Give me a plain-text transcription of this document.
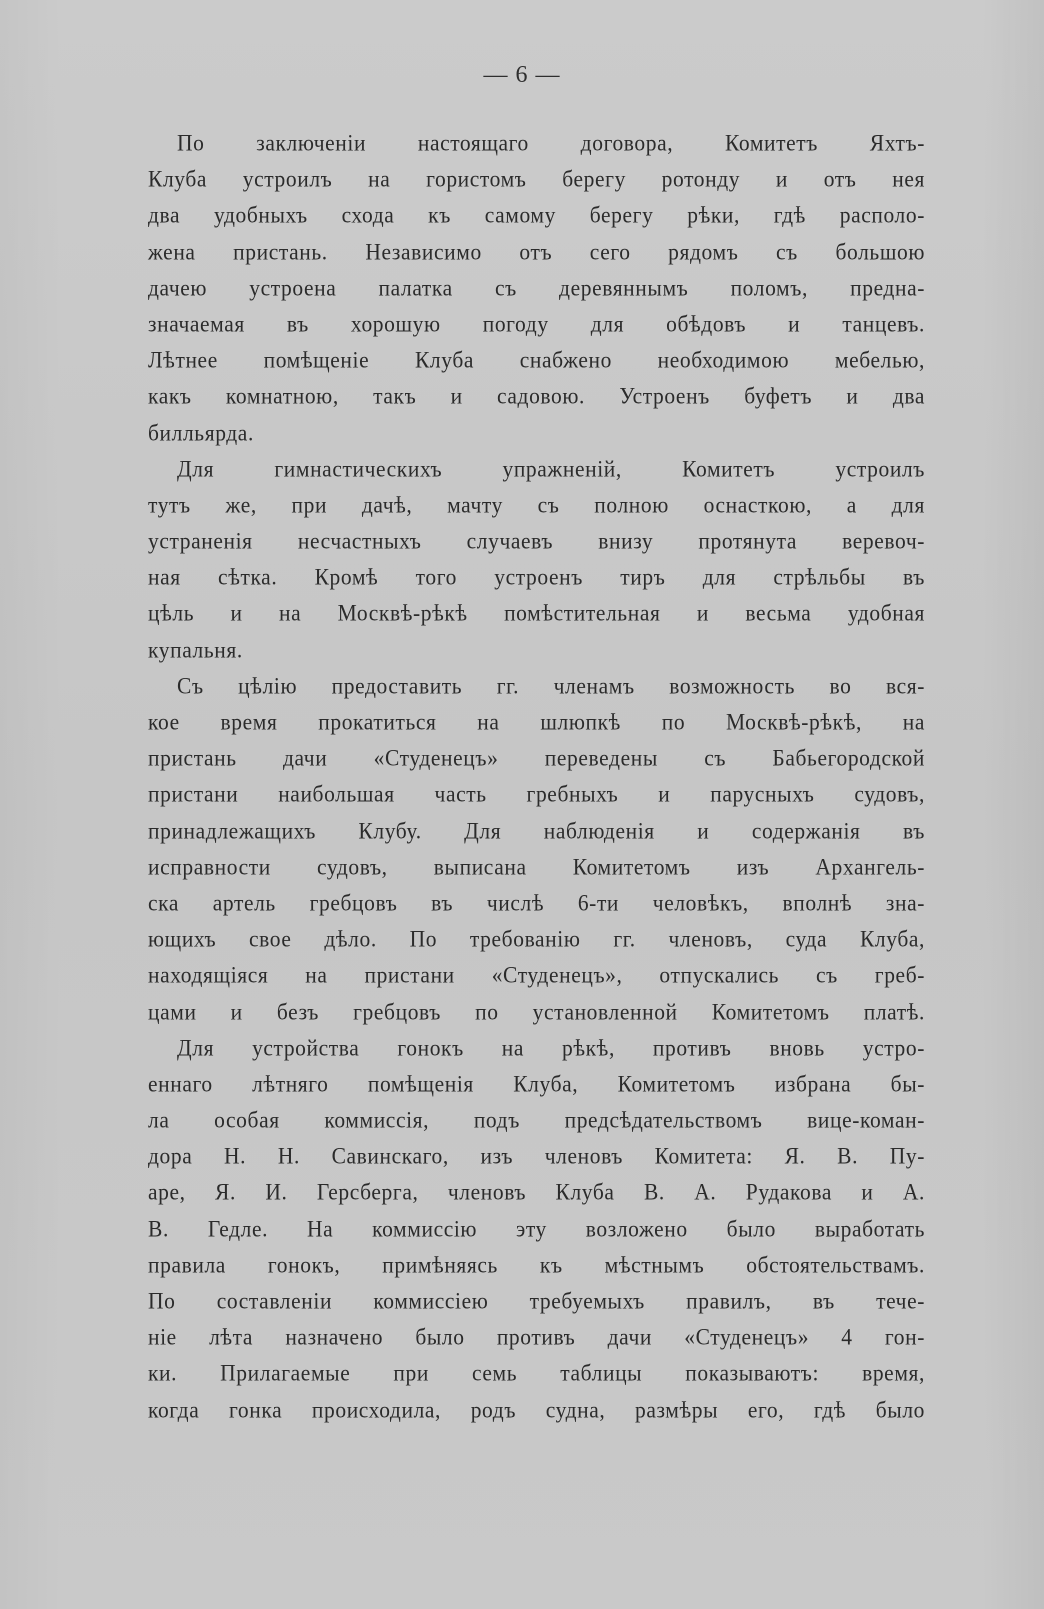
— 6 —
По заключенiи настоящаго договора, Комитетъ Яхтъ-
Клуба устроилъ на гористомъ берегу ротонду и отъ нея
два удобныхъ схода къ самому берегу рѣки, гдѣ располо-
жена пристань. Независимо отъ сего рядомъ съ большою
дачею устроена палатка съ деревяннымъ поломъ, предна-
значаемая въ хорошую погоду для обѣдовъ и танцевъ.
Лѣтнее помѣщенiе Клуба снабжено необходимою мебелью,
какъ комнатною, такъ и садовою. Устроенъ буфетъ и два
билльярда.
Для гимнастическихъ упражненiй, Комитетъ устроилъ
тутъ же, при дачѣ, мачту съ полною оснасткою, а для
устраненiя несчастныхъ случаевъ внизу протянута веревоч-
ная сѣтка. Кромѣ того устроенъ тиръ для стрѣльбы въ
цѣль и на Москвѣ-рѣкѣ помѣстительная и весьма удобная
купальня.
Съ цѣлiю предоставить гг. членамъ возможность во вся-
кое время прокатиться на шлюпкѣ по Москвѣ-рѣкѣ, на
пристань дачи «Студенецъ» переведены съ Бабьегородской
пристани наибольшая часть гребныхъ и парусныхъ судовъ,
принадлежащихъ Клубу. Для наблюденiя и содержанiя въ
исправности судовъ, выписана Комитетомъ изъ Архангель-
ска артель гребцовъ въ числѣ 6-ти человѣкъ, вполнѣ зна-
ющихъ свое дѣло. По требованiю гг. членовъ, суда Клуба,
находящiяся на пристани «Студенецъ», отпускались съ греб-
цами и безъ гребцовъ по установленной Комитетомъ платѣ.
Для устройства гонокъ на рѣкѣ, противъ вновь устро-
еннаго лѣтняго помѣщенiя Клуба, Комитетомъ избрана бы-
ла особая коммиссiя, подъ предсѣдательствомъ вице-коман-
дора Н. Н. Савинскаго, изъ членовъ Комитета: Я. В. Пу-
аре, Я. И. Герсберга, членовъ Клуба В. А. Рудакова и А.
В. Гедле. На коммиссiю эту возложено было выработать
правила гонокъ, примѣняясь къ мѣстнымъ обстоятельствамъ.
По составленiи коммиссiею требуемыхъ правилъ, въ тече-
нiе лѣта назначено было противъ дачи «Студенецъ» 4 гон-
ки. Прилагаемые при семь таблицы показываютъ: время,
когда гонка происходила, родъ судна, размѣры его, гдѣ было
